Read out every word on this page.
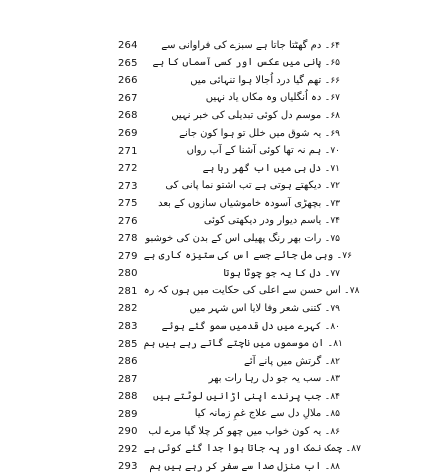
264	۶۴۔ دم گھٹتا جاتا ہے سبزے کی فراوانی سے
265	۶۵۔ پانی میں عکس اور کسی آسماں کا ہے
266	۶۶۔ تھم گیا درد اُجالا ہوا تنہائی میں
267	۶۷۔ دہ اُنگلیاں وہ مکاں یاد نہیں
268	۶۸۔ موسم دل کوئی تبدیلی کی خبر نہیں
269	۶۹۔ یہ شوق میں خلل تو ہوا کون جانے
271	۷۰۔ ہم نہ تھا کوئی آشنا کے آب رواں
272	۷۱۔ دل ہی میں اب گھر رہا ہے
273	۷۲۔ دیکھتے ہوتی ہے تب اشتو نما پانی کی
275	۷۳۔ بچھڑی آسودہ خاموشیاں سازوں کے بعد
276	۷۴۔ یاسم دیوار ودر دیکھتی کوئی
278	۷۵۔ رات بھر رنگ پھیلی اس کے بدن کی خوشبو
279	۷۶۔ وہی مل جائے جسے اس کی ستیزہ کاری ہے
280	۷۷۔ دل کا یہ جو چوٹا ہوتا
281	۷۸۔ اس حسن سے اعلی کی حکایت میں ہوں کہ رہ
282	۷۹۔ کتنی شعر وفا لایا اس شہر میں
283	۸۰۔ کہرے میں دل قدمیں سمو گئے ہوئے
285	۸۱۔ ان موسموں میں ناچتے گاتے رہے ہیں ہم
286	۸۲۔ گرتش میں پانے آئے
287	۸۳۔ سب یہ جو دل رہا رات بھر
288	۸۴۔ جب پرندے اپنی اڑانیں لوٹتے ہیں
289	۸۵۔ ملالِ دل سے علاج غمِ زمانہ کیا
290	۸۶۔ یہ کون خواب میں چھو کر چلا گیا مرے لب
292	۸۷۔ چمک نمک اور پہ جاتا ہوا جدا گئے کوئی ہے
293	۸۸۔ اب منزل صدا سے سفر کر رہے ہیں ہم
